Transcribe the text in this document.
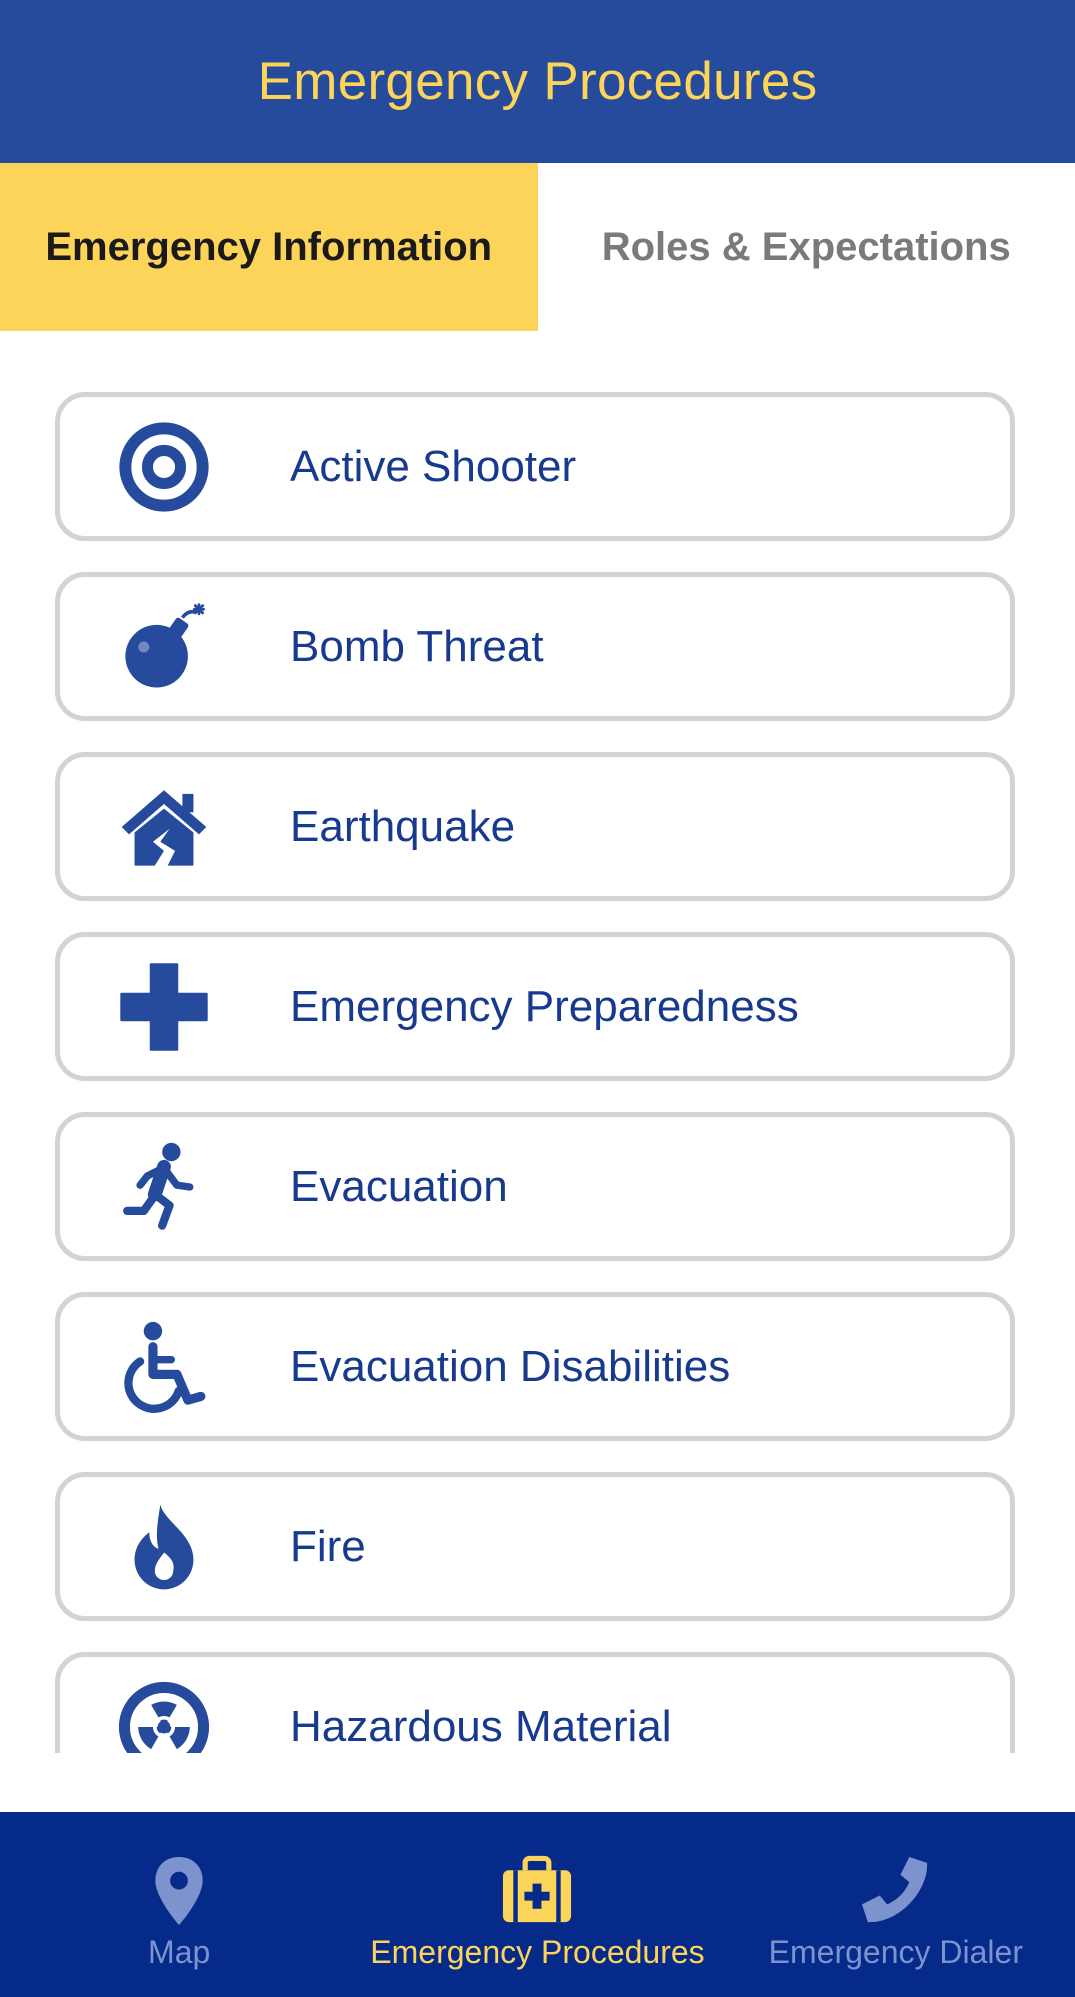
Emergency Procedures
Emergency Information	Roles & Expectations
Active Shooter
Bomb Threat
Earthquake
Emergency Preparedness
Evacuation
Evacuation Disabilities
Fire
Hazardous Material
Map	Emergency Procedures Emergency Dialer
